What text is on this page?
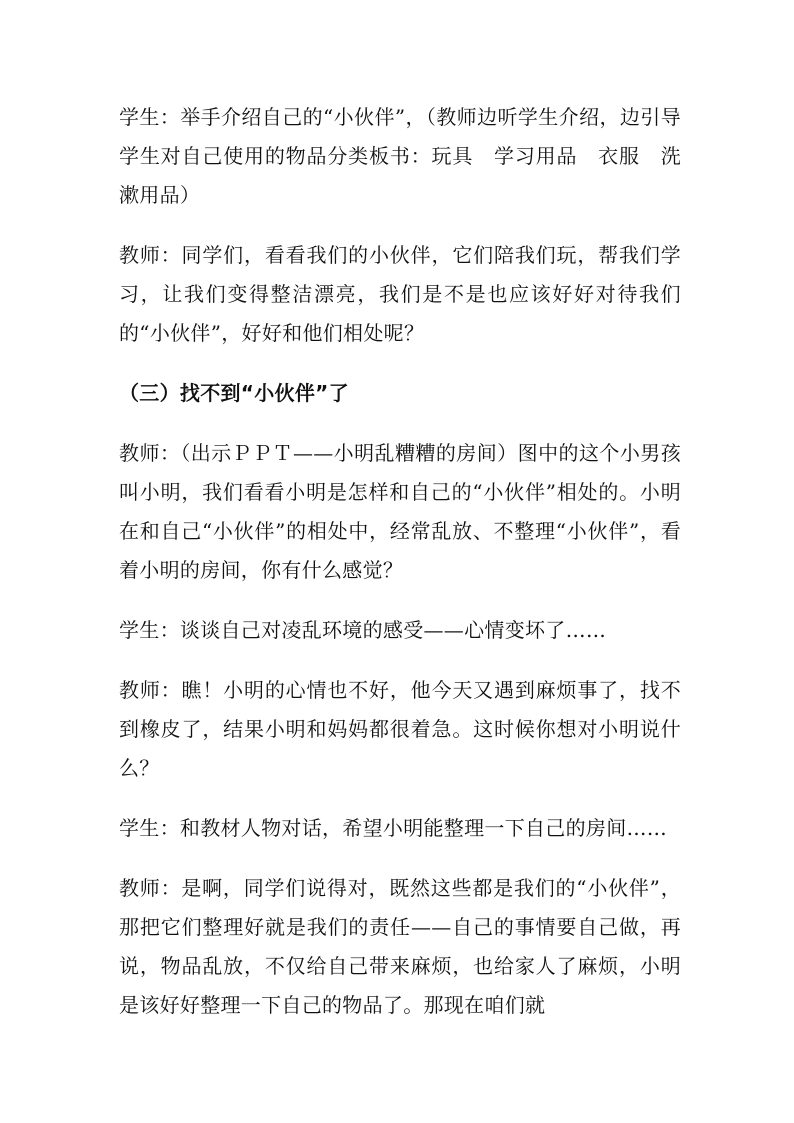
学生：举手介绍自己的“小伙伴”，（教师边听学生介绍，边引导学生对自己使用的物品分类板书：玩具　学习用品　衣服　洗漱用品）

教师：同学们，看看我们的小伙伴，它们陪我们玩，帮我们学习，让我们变得整洁漂亮，我们是不是也应该好好对待我们的“小伙伴”，好好和他们相处呢？

（三）找不到“小伙伴”了

教师：（出示ＰＰＴ——小明乱糟糟的房间）图中的这个小男孩叫小明，我们看看小明是怎样和自己的“小伙伴”相处的。小明在和自己“小伙伴”的相处中，经常乱放、不整理“小伙伴”，看着小明的房间，你有什么感觉？

学生：谈谈自己对凌乱环境的感受——心情变坏了……

教师：瞧！小明的心情也不好，他今天又遇到麻烦事了，找不到橡皮了，结果小明和妈妈都很着急。这时候你想对小明说什么？

学生：和教材人物对话，希望小明能整理一下自己的房间……

教师：是啊，同学们说得对，既然这些都是我们的“小伙伴”，那把它们整理好就是我们的责任——自己的事情要自己做，再说，物品乱放，不仅给自己带来麻烦，也给家人了麻烦，小明是该好好整理一下自己的物品了。那现在咱们就
